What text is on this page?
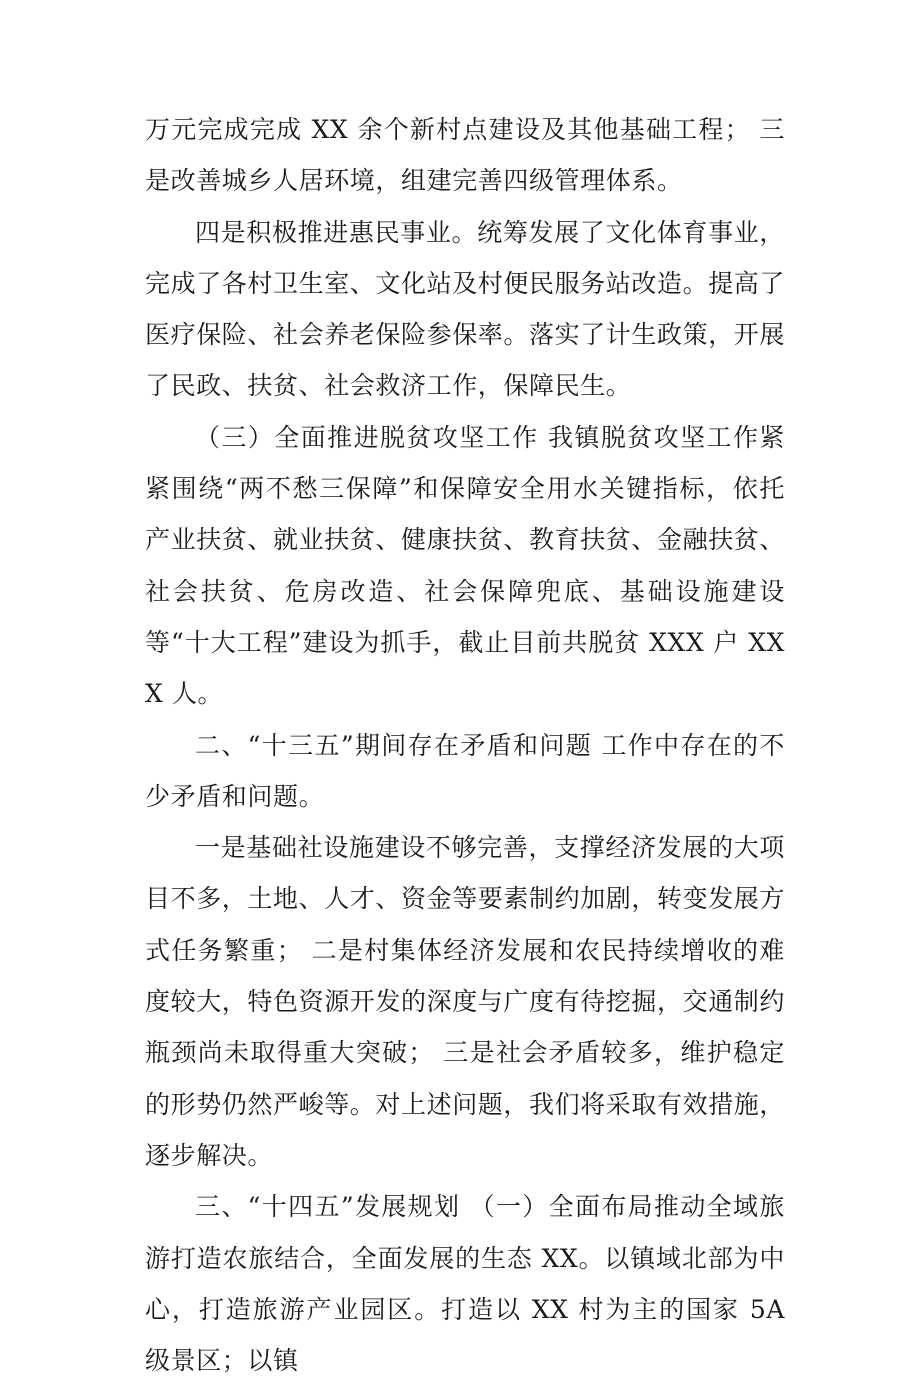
万元完成完成 XX 余个新村点建设及其他基础工程； 三是改善城乡人居环境，组建完善四级管理体系。

四是积极推进惠民事业。统筹发展了文化体育事业，完成了各村卫生室、文化站及村便民服务站改造。提高了医疗保险、社会养老保险参保率。落实了计生政策，开展了民政、扶贫、社会救济工作，保障民生。

（三）全面推进脱贫攻坚工作 我镇脱贫攻坚工作紧紧围绕“两不愁三保障”和保障安全用水关键指标，依托产业扶贫、就业扶贫、健康扶贫、教育扶贫、金融扶贫、社会扶贫、危房改造、社会保障兜底、基础设施建设等“十大工程”建设为抓手，截止目前共脱贫 XXX 户 XXX 人。

二、“十三五”期间存在矛盾和问题 工作中存在的不少矛盾和问题。

一是基础社设施建设不够完善，支撑经济发展的大项目不多，土地、人才、资金等要素制约加剧，转变发展方式任务繁重； 二是村集体经济发展和农民持续增收的难度较大，特色资源开发的深度与广度有待挖掘，交通制约瓶颈尚未取得重大突破； 三是社会矛盾较多，维护稳定的形势仍然严峻等。对上述问题，我们将采取有效措施，逐步解决。

三、“十四五”发展规划 （一）全面布局推动全域旅游打造农旅结合，全面发展的生态 XX。以镇域北部为中心，打造旅游产业园区。打造以 XX 村为主的国家 5A 级景区；以镇
